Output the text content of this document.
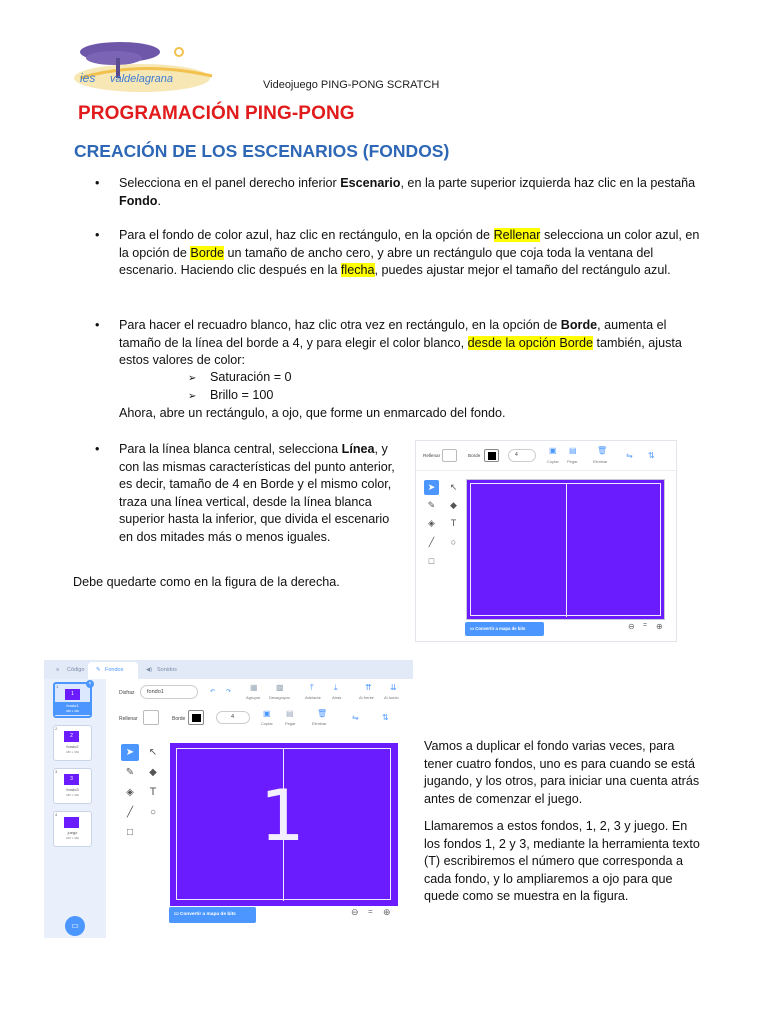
ies valdelagrana	Videojuego PING-PONG SCRATCH
PROGRAMACIÓN PING-PONG
CREACIÓN DE LOS ESCENARIOS (FONDOS)
• Selecciona en el panel derecho inferior Escenario, en la parte superior izquierda haz clic en la pestaña Fondo.
• Para el fondo de color azul, haz clic en rectángulo, en la opción de Rellenar selecciona un color azul, en la opción de Borde un tamaño de ancho cero, y abre un rectángulo que coja toda la ventana del escenario. Haciendo clic después en la flecha, puedes ajustar mejor el tamaño del rectángulo azul.
• Para hacer el recuadro blanco, haz clic otra vez en rectángulo, en la opción de Borde, aumenta el tamaño de la línea del borde a 4, y para elegir el color blanco, desde la opción Borde también, ajusta estos valores de color:
➢ Saturación = 0
➢ Brillo = 100
Ahora, abre un rectángulo, a ojo, que forme un enmarcado del fondo.
• Para la línea blanca central, selecciona Línea, y con las mismas características del punto anterior, es decir, tamaño de 4 en Borde y el mismo color, traza una línea vertical, desde la línea blanca superior hasta la inferior, que divida el escenario en dos mitades más o menos iguales.
Debe quedarte como en la figura de la derecha.
Rellenar	Borde	4	▣
Copiar
▤
Pegar
🗑
Eliminar
⇋ ⇅
➤	↖
✎	◆
◈	T
╱	○
□
▭ Convertir a mapa de bits	⊖ = ⊕
≡ Código	✎ Fondos	◀) Sonidos
1	×
1
fondo1
480 x 360
2
2
fondo2
480 x 360
3
3
fondo3
480 x 360
4
juego
480 x 360
Disfraz	fondo1	↶ ↷ ▦
Agrupar
▩
Desagrupar
⤒
Adelante
⤓
Atrás
⇈
Al frente
⇊
Al fondo
Rellenar	Borde	4	▣
Copiar
▤
Pegar
🗑
Eliminar
⇋	⇅
➤	↖
✎	◆
◈	T
╱	○
□
▭
1
▭ Convertir a mapa de bits	⊖ = ⊕
Vamos a duplicar el fondo varias veces, para tener cuatro fondos, uno es para cuando se está jugando, y los otros, para iniciar una cuenta atrás antes de comenzar el juego.
Llamaremos a estos fondos, 1, 2, 3 y juego. En los fondos 1, 2 y 3, mediante la herramienta texto (T) escribiremos el número que corresponda a cada fondo, y lo ampliaremos a ojo para que quede como se muestra en la figura.
